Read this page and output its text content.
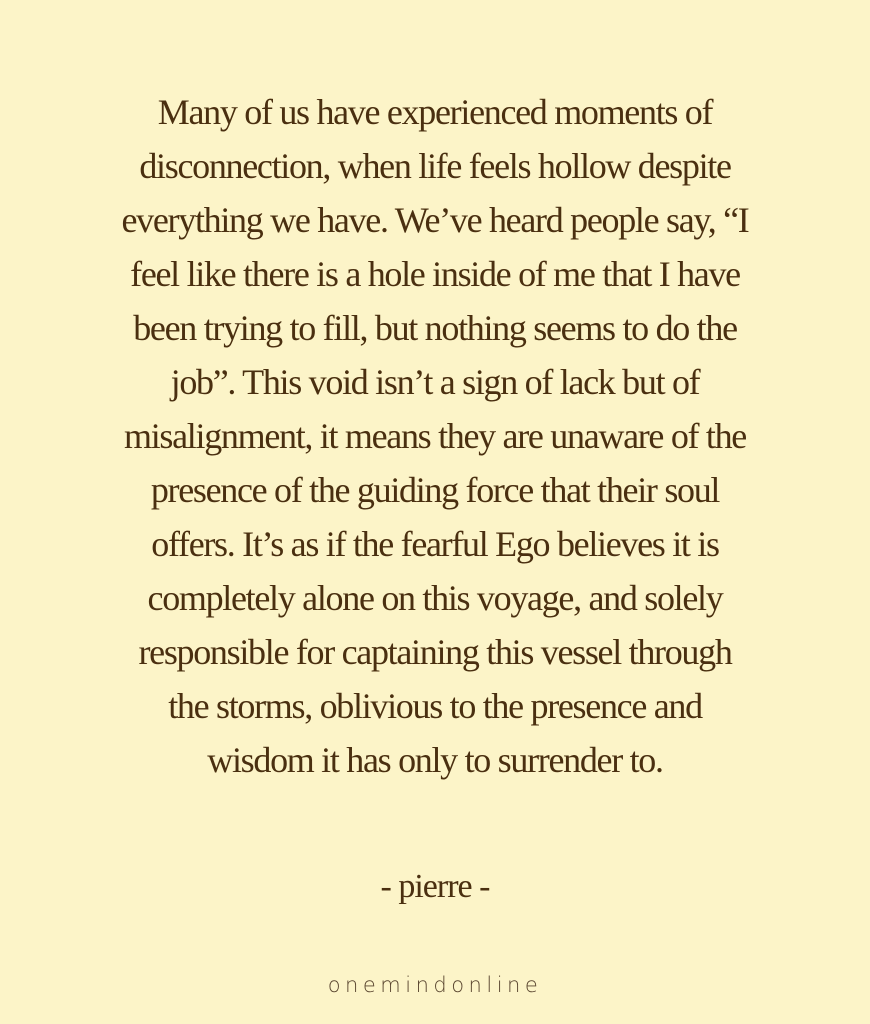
Many of us have experienced moments of
disconnection, when life feels hollow despite
everything we have. We’ve heard people say, “I
feel like there is a hole inside of me that I have
been trying to fill, but nothing seems to do the
job”. This void isn’t a sign of lack but of
misalignment, it means they are unaware of the
presence of the guiding force that their soul
offers. It’s as if the fearful Ego believes it is
completely alone on this voyage, and solely
responsible for captaining this vessel through
the storms, oblivious to the presence and
wisdom it has only to surrender to.
- pierre -
onemindonline
